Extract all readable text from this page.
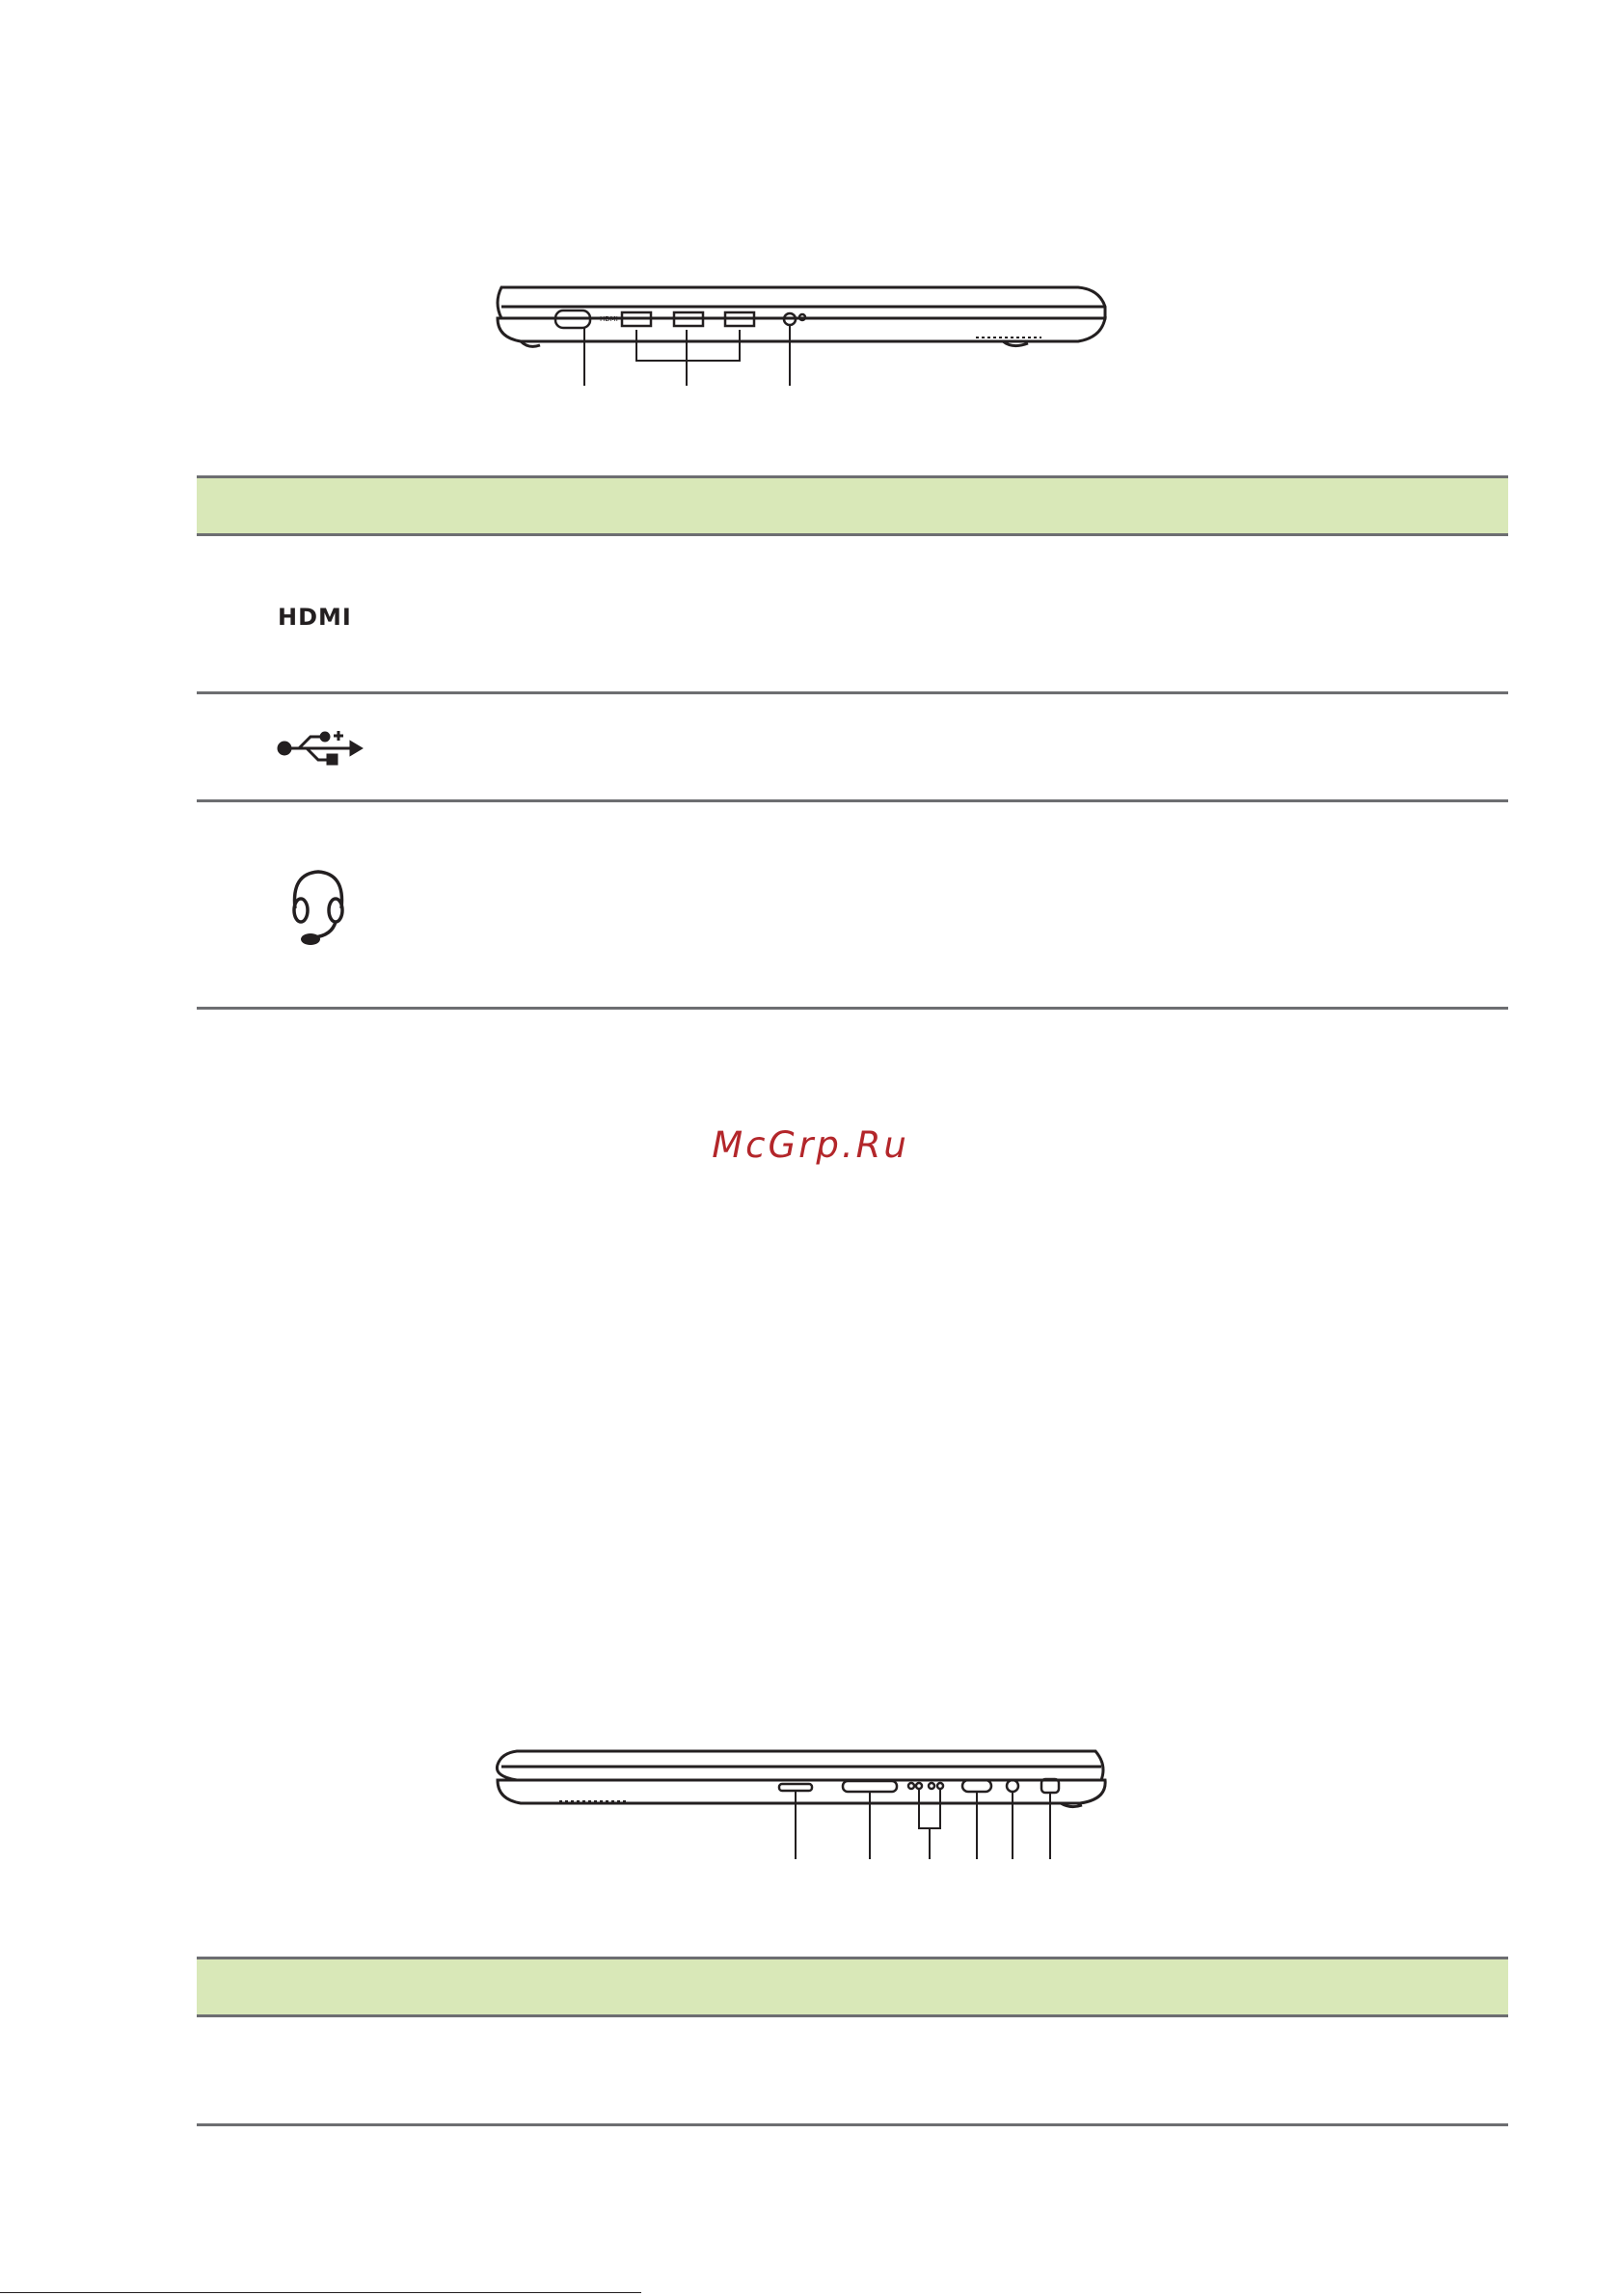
HDMI
HDMI
McGrp.Ru
